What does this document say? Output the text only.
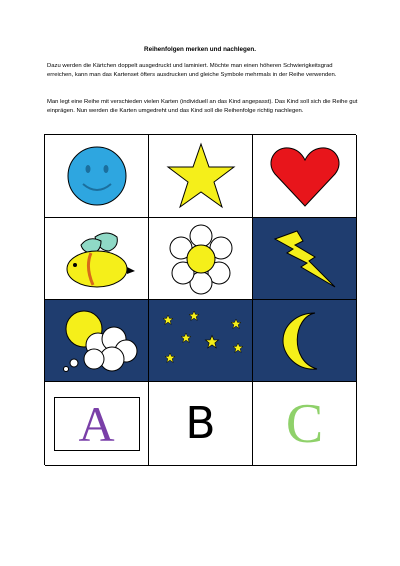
Reihenfolgen merken und nachlegen.

Dazu werden die Kärtchen doppelt ausgedruckt und laminiert. Möchte man einen höheren Schwierigkeitsgrad erreichen, kann man das Kartenset öfters ausdrucken und gleiche Symbole mehrmals in der Reihe verwenden.

Man legt eine Reihe mit verschieden vielen Karten (individuell an das Kind angepasst). Das Kind soll sich die Reihe gut einprägen. Nun werden die Karten umgedreht und das Kind soll die Reihenfolge richtig nachlegen.

A B C
